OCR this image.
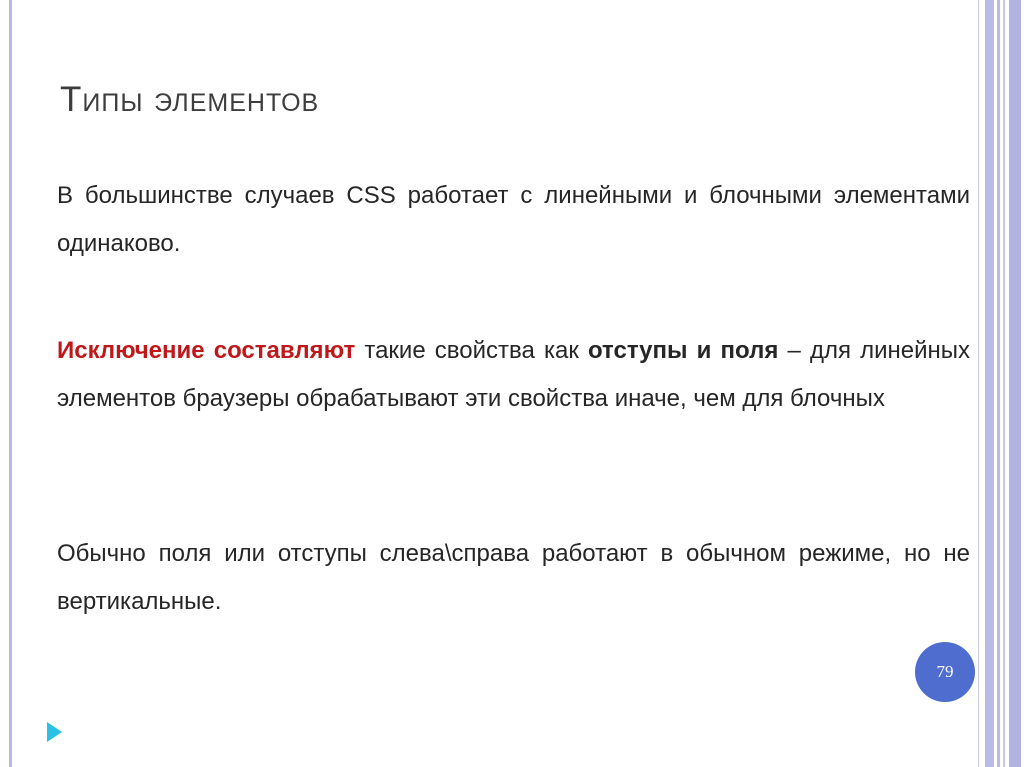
Типы элементов

В большинстве случаев CSS работает с линейными и блочными элементами одинаково.

Исключение составляют такие свойства как отступы и поля – для линейных элементов браузеры обрабатывают эти свойства иначе, чем для блочных

Обычно поля или отступы слева\справа работают в обычном режиме, но не вертикальные.

79
